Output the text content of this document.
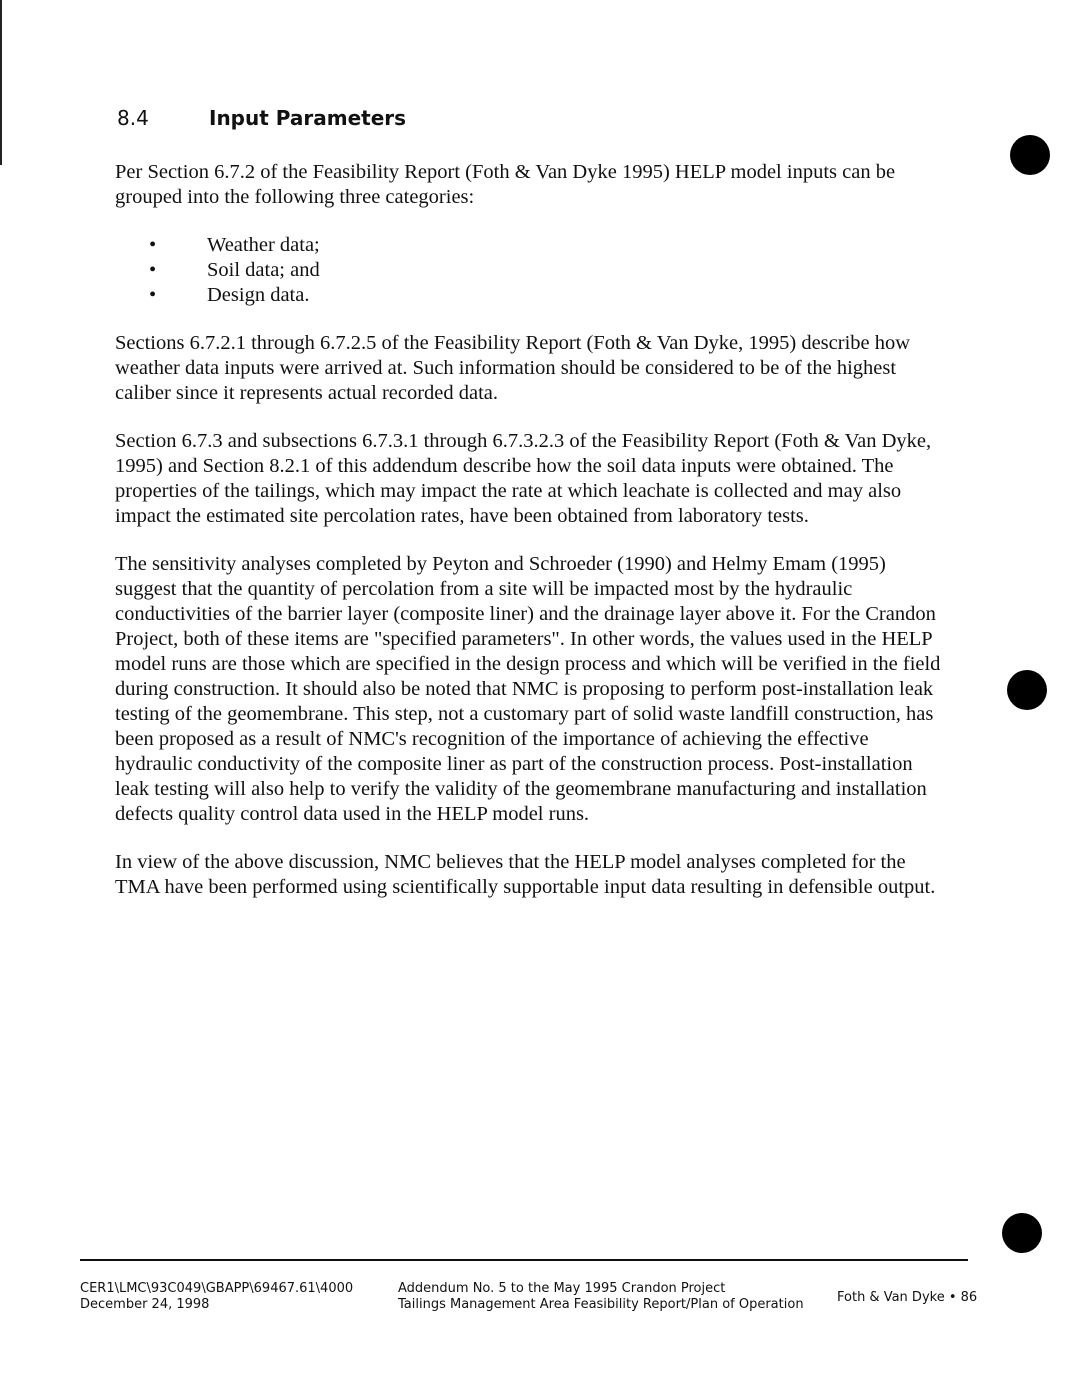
8.4	Input Parameters

Per Section 6.7.2 of the Feasibility Report (Foth & Van Dyke 1995) HELP model inputs can be grouped into the following three categories:

•	Weather data;
•	Soil data; and
•	Design data.

Sections 6.7.2.1 through 6.7.2.5 of the Feasibility Report (Foth & Van Dyke, 1995) describe how weather data inputs were arrived at. Such information should be considered to be of the highest caliber since it represents actual recorded data.

Section 6.7.3 and subsections 6.7.3.1 through 6.7.3.2.3 of the Feasibility Report (Foth & Van Dyke, 1995) and Section 8.2.1 of this addendum describe how the soil data inputs were obtained. The properties of the tailings, which may impact the rate at which leachate is collected and may also impact the estimated site percolation rates, have been obtained from laboratory tests.

The sensitivity analyses completed by Peyton and Schroeder (1990) and Helmy Emam (1995) suggest that the quantity of percolation from a site will be impacted most by the hydraulic conductivities of the barrier layer (composite liner) and the drainage layer above it. For the Crandon Project, both of these items are "specified parameters". In other words, the values used in the HELP model runs are those which are specified in the design process and which will be verified in the field during construction. It should also be noted that NMC is proposing to perform post-installation leak testing of the geomembrane. This step, not a customary part of solid waste landfill construction, has been proposed as a result of NMC's recognition of the importance of achieving the effective hydraulic conductivity of the composite liner as part of the construction process. Post-installation leak testing will also help to verify the validity of the geomembrane manufacturing and installation defects quality control data used in the HELP model runs.

In view of the above discussion, NMC believes that the HELP model analyses completed for the TMA have been performed using scientifically supportable input data resulting in defensible output.

CER1\LMC\93C049\GBAPP\69467.61\4000
December 24, 1998
Addendum No. 5 to the May 1995 Crandon Project
Tailings Management Area Feasibility Report/Plan of Operation	Foth & Van Dyke • 86
